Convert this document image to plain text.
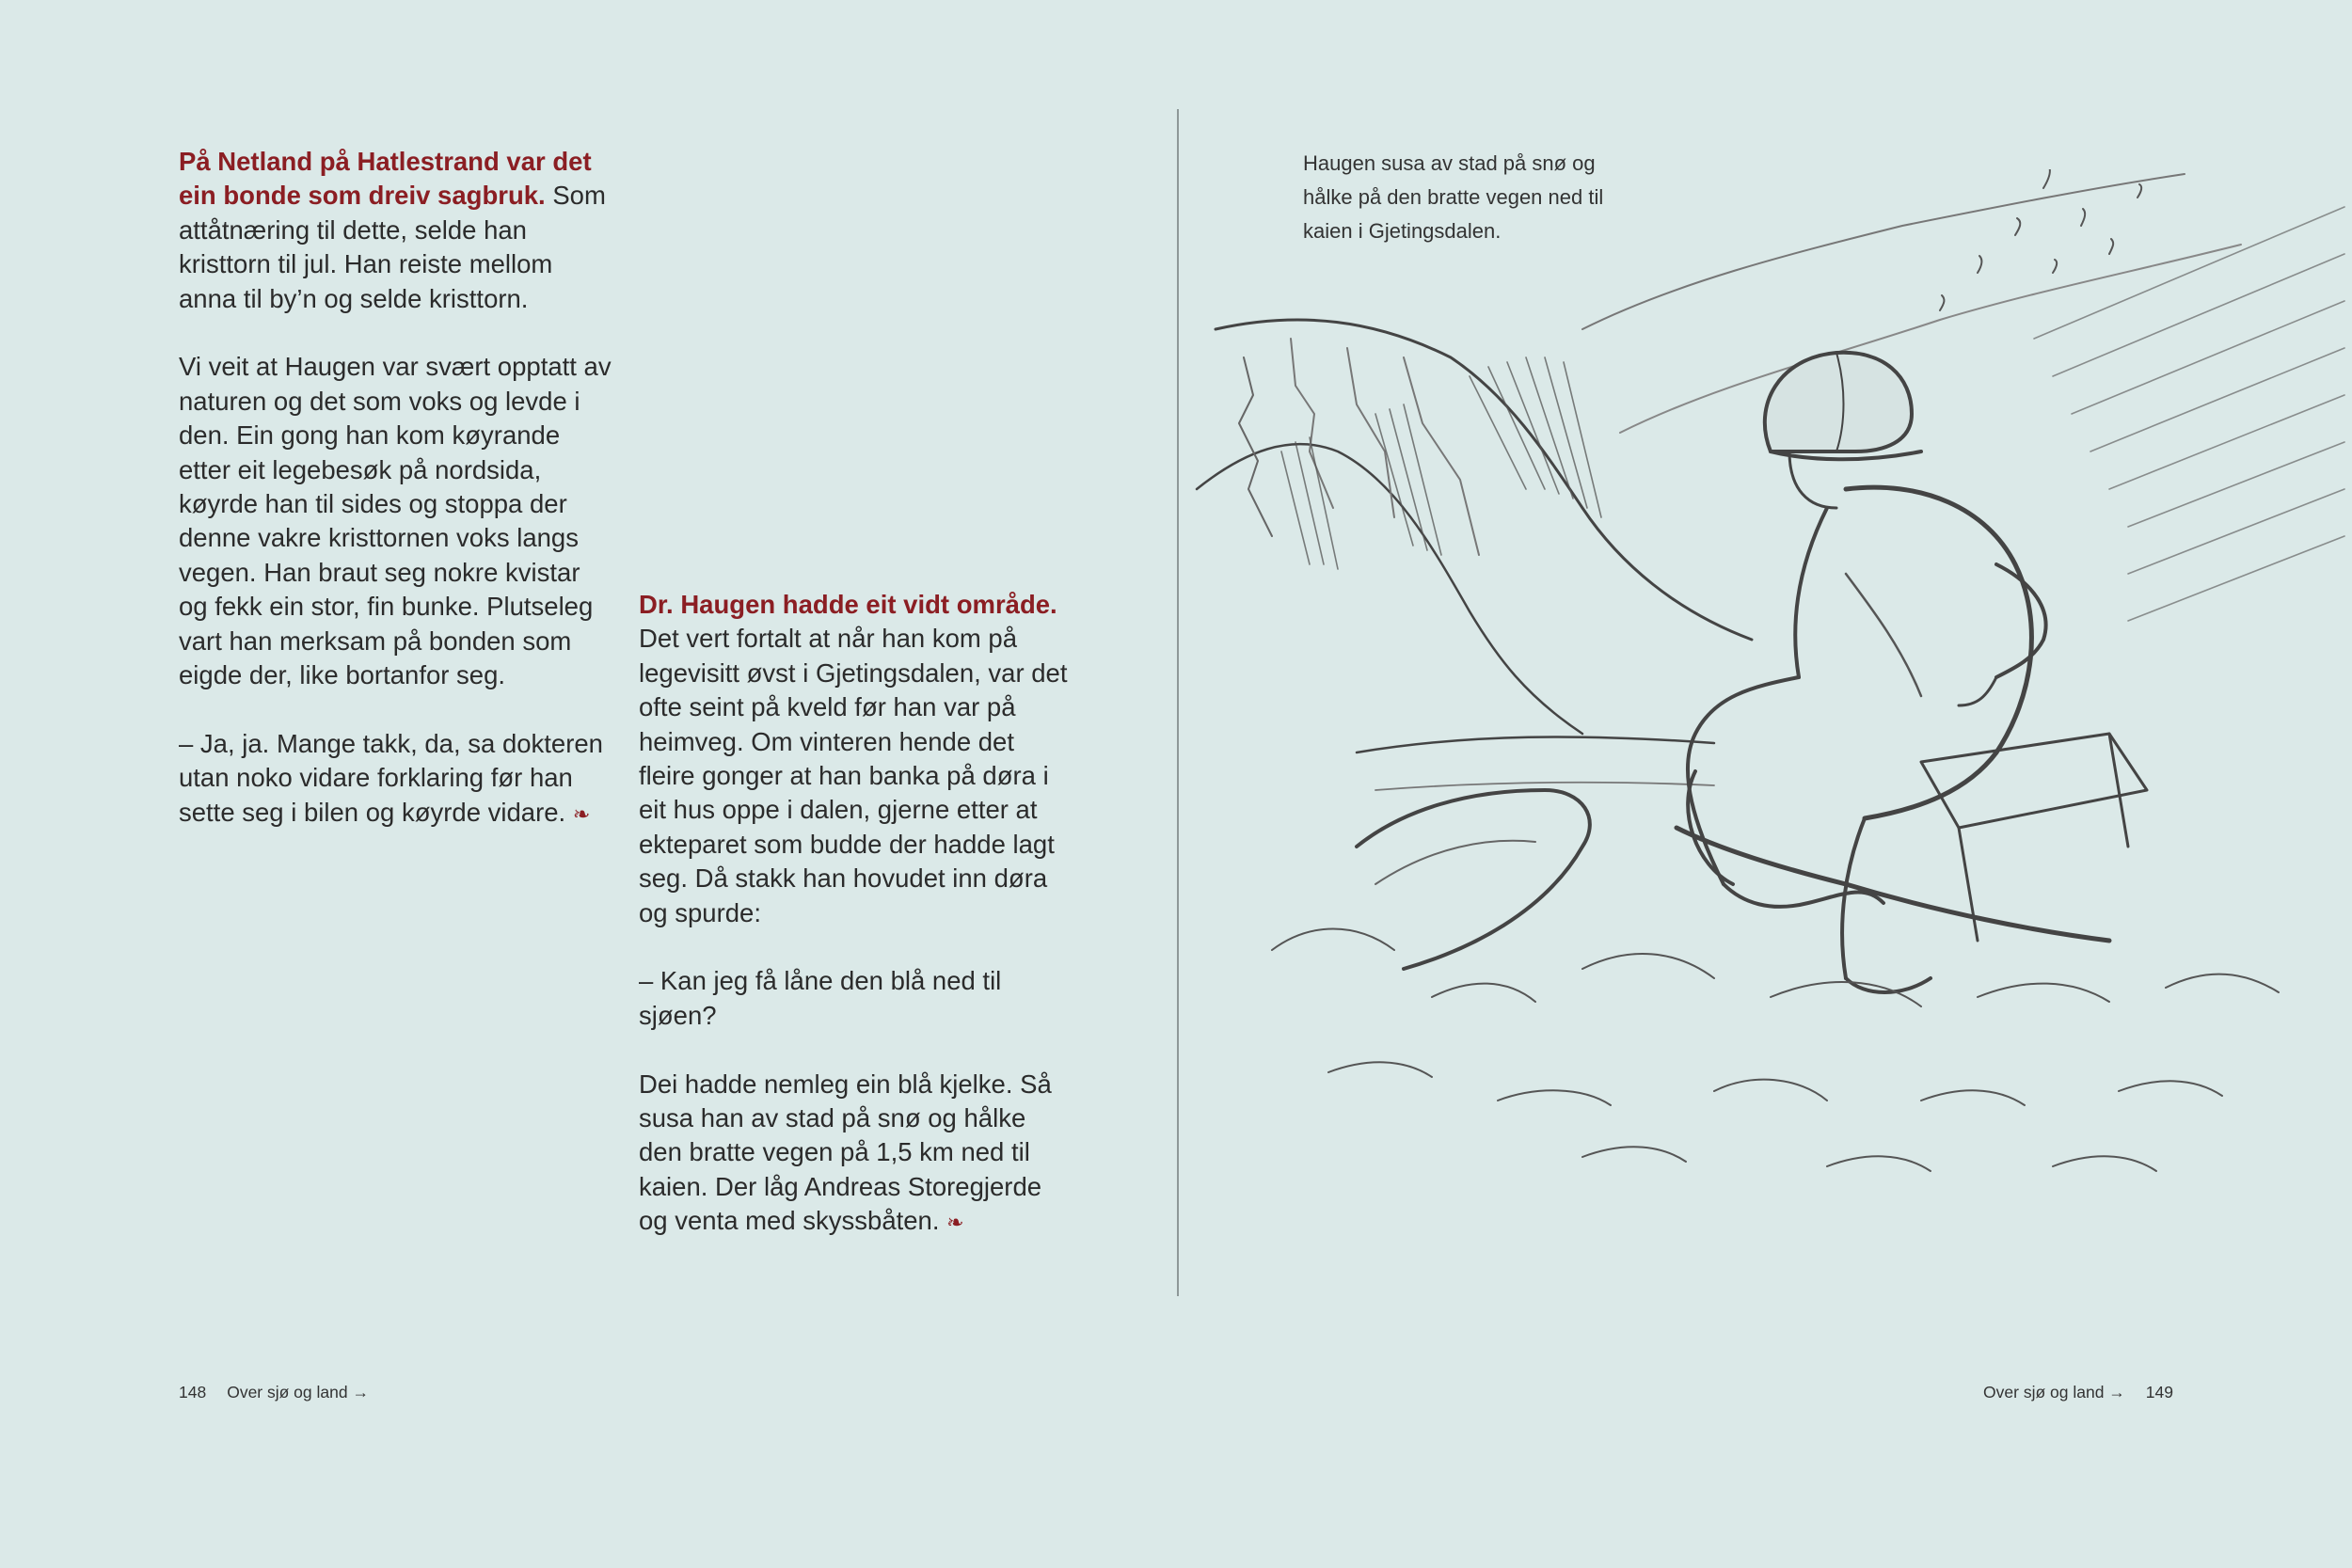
På Netland på Hatlestrand var det ein bonde som dreiv sagbruk. Som attåtnæring til dette, selde han kristtorn til jul. Han reiste mellom anna til by’n og selde kristtorn.

Vi veit at Haugen var svært opptatt av naturen og det som voks og levde i den. Ein gong han kom køyrande etter eit legebesøk på nordsida, køyrde han til sides og stoppa der denne vakre kristtornen voks langs vegen. Han braut seg nokre kvistar og fekk ein stor, fin bunke. Plutseleg vart han merksam på bonden som eigde der, like bortanfor seg.

– Ja, ja. Mange takk, da, sa dokteren utan noko vidare forklaring før han sette seg i bilen og køyrde vidare. ❧

Dr. Haugen hadde eit vidt område. Det vert fortalt at når han kom på legevisitt øvst i Gjetingsdalen, var det ofte seint på kveld før han var på heimveg. Om vinteren hende det fleire gonger at han banka på døra i eit hus oppe i dalen, gjerne etter at ekteparet som budde der hadde lagt seg. Då stakk han hovudet inn døra og spurde:

– Kan jeg få låne den blå ned til sjøen?

Dei hadde nemleg ein blå kjelke. Så susa han av stad på snø og hålke den bratte vegen på 1,5 km ned til kaien. Der låg Andreas Storegjerde og venta med skyssbåten. ❧

148 Over sjø og land →
Haugen susa av stad på snø og hålke på den bratte vegen ned til kaien i Gjetingsdalen.
Over sjø og land → 149
